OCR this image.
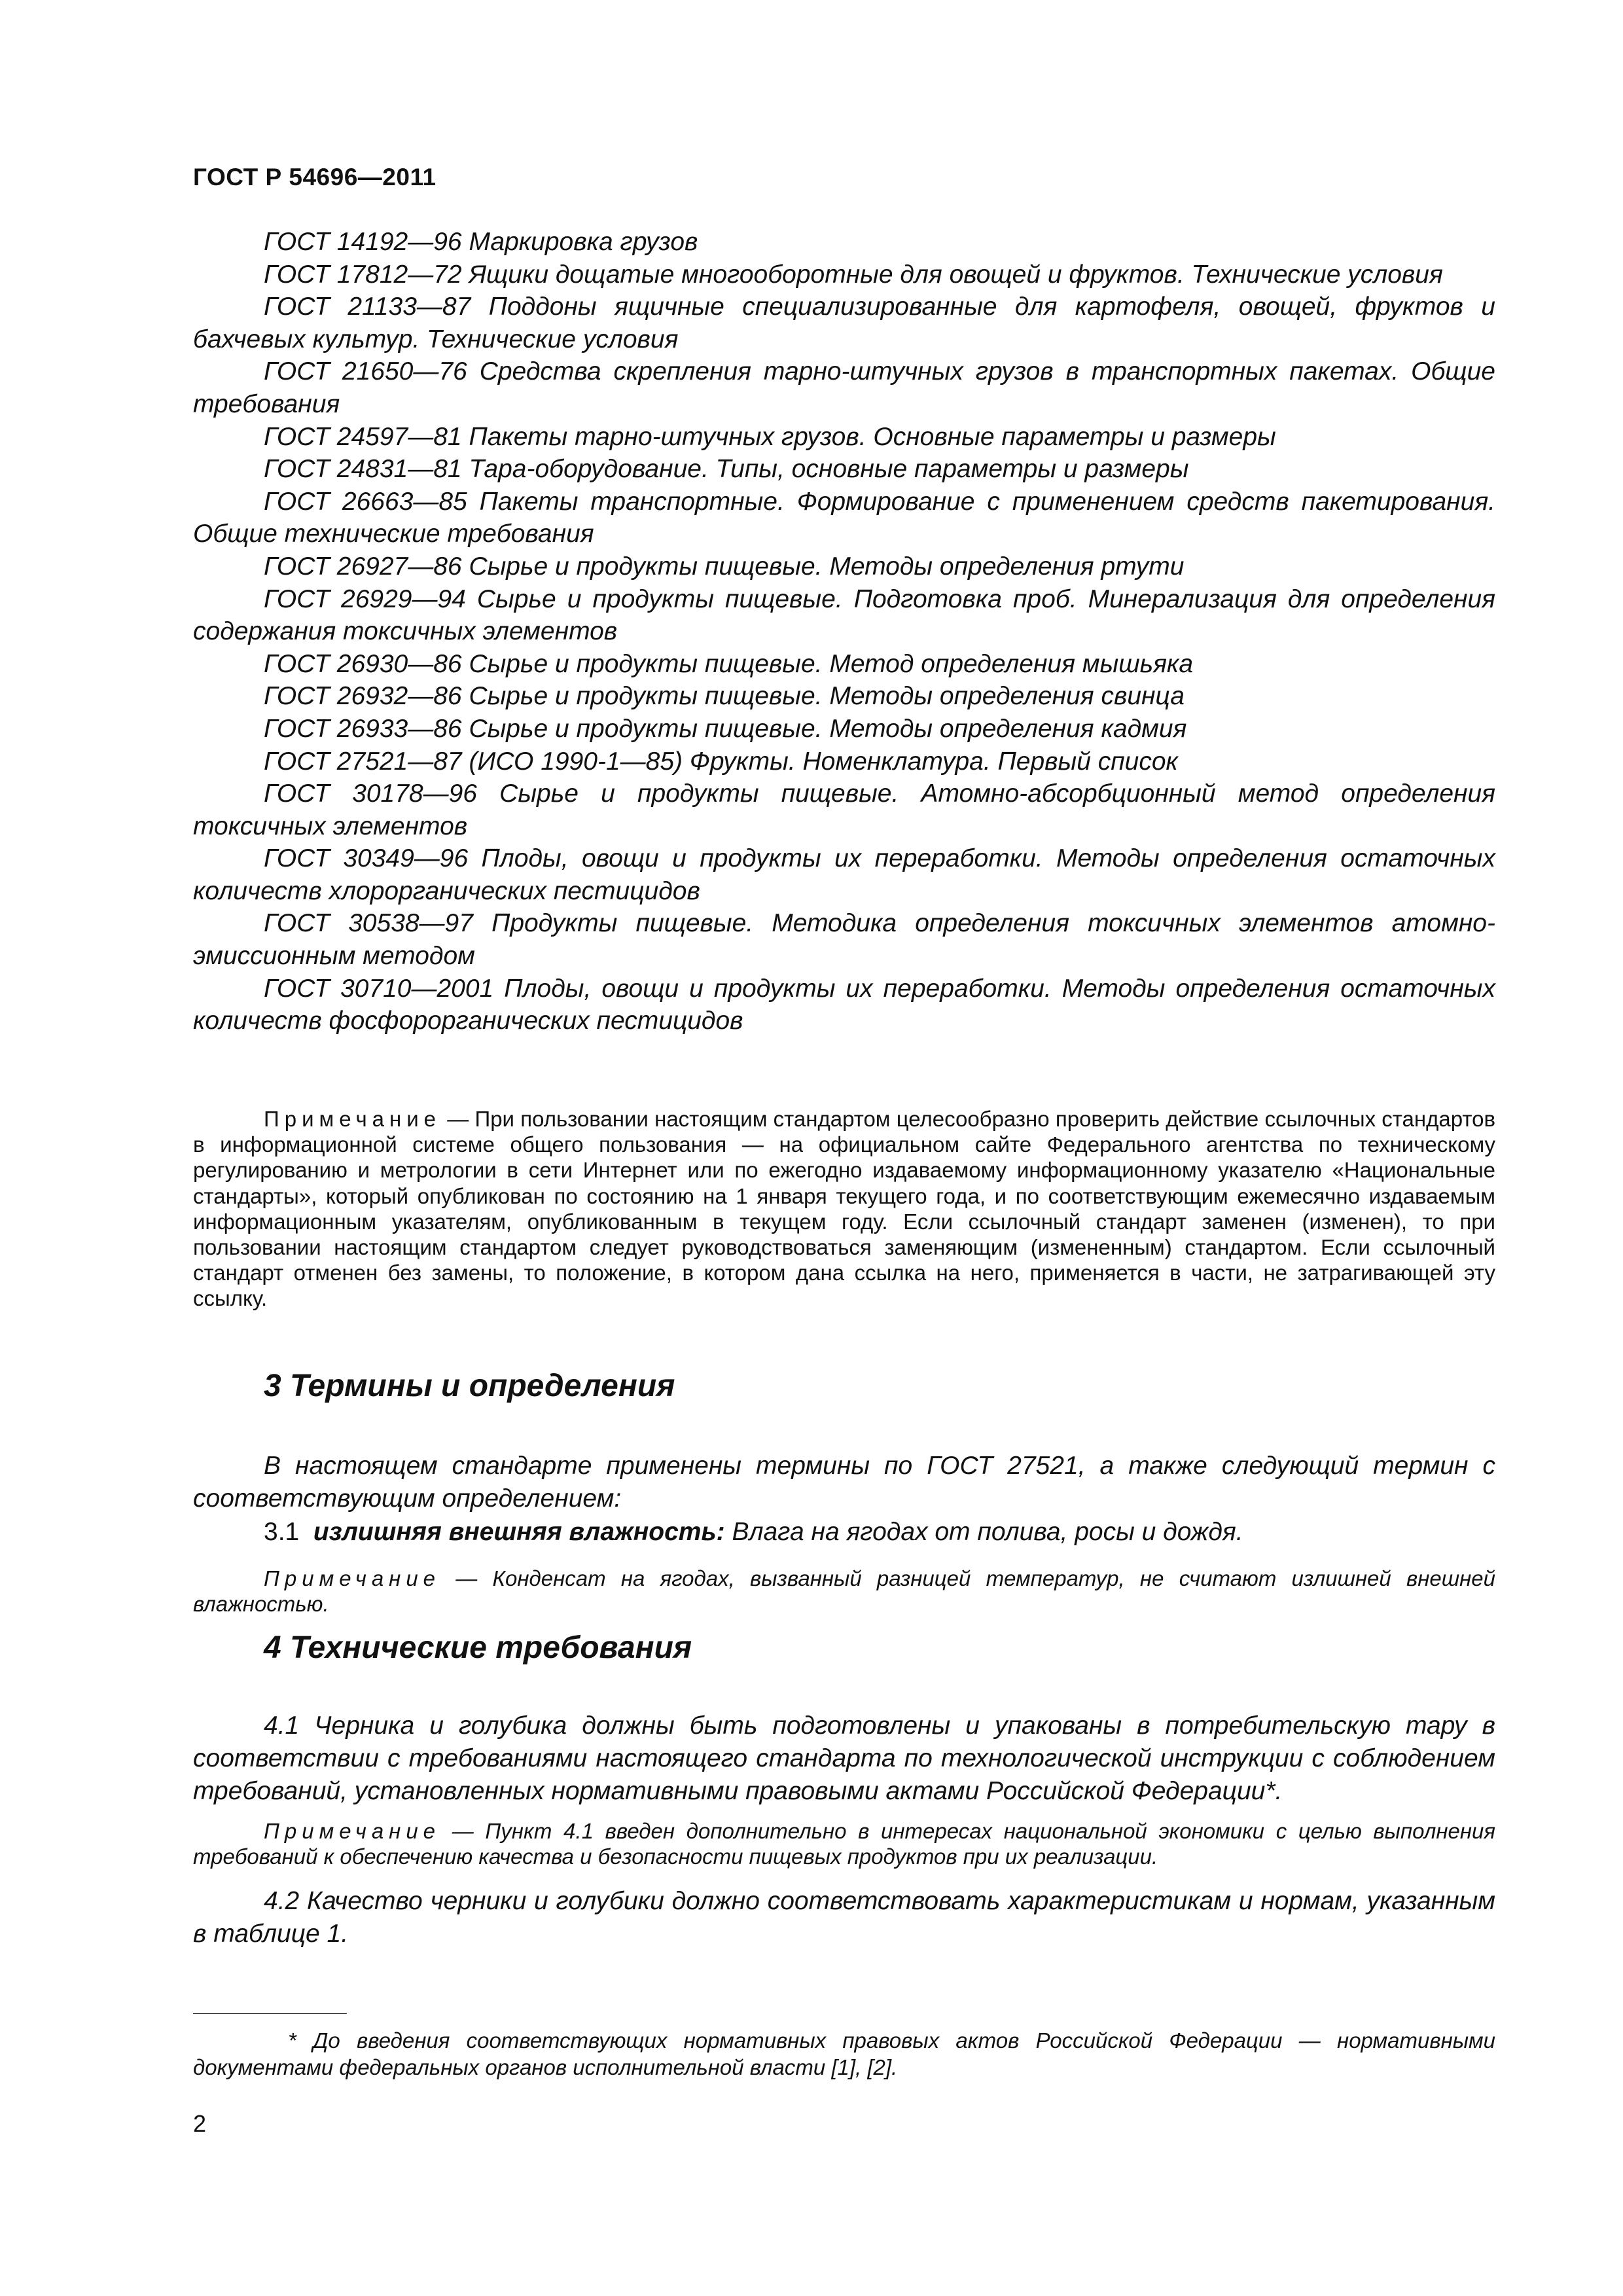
ГОСТ Р 54696—2011

ГОСТ 14192—96 Маркировка грузов

ГОСТ 17812—72 Ящики дощатые многооборотные для овощей и фруктов. Технические условия

ГОСТ 21133—87 Поддоны ящичные специализированные для картофеля, овощей, фруктов и бахчевых культур. Технические условия

ГОСТ 21650—76 Средства скрепления тарно-штучных грузов в транспортных пакетах. Общие требования

ГОСТ 24597—81 Пакеты тарно-штучных грузов. Основные параметры и размеры

ГОСТ 24831—81 Тара-оборудование. Типы, основные параметры и размеры

ГОСТ 26663—85 Пакеты транспортные. Формирование с применением средств пакетирования. Общие технические требования

ГОСТ 26927—86 Сырье и продукты пищевые. Методы определения ртути

ГОСТ 26929—94 Сырье и продукты пищевые. Подготовка проб. Минерализация для определения содержания токсичных элементов

ГОСТ 26930—86 Сырье и продукты пищевые. Метод определения мышьяка

ГОСТ 26932—86 Сырье и продукты пищевые. Методы определения свинца

ГОСТ 26933—86 Сырье и продукты пищевые. Методы определения кадмия

ГОСТ 27521—87 (ИСО 1990-1—85) Фрукты. Номенклатура. Первый список

ГОСТ 30178—96 Сырье и продукты пищевые. Атомно-абсорбционный метод определения токсичных элементов

ГОСТ 30349—96 Плоды, овощи и продукты их переработки. Методы определения остаточных количеств хлорорганических пестицидов

ГОСТ 30538—97 Продукты пищевые. Методика определения токсичных элементов атомно-эмиссионным методом

ГОСТ 30710—2001 Плоды, овощи и продукты их переработки. Методы определения остаточных количеств фосфорорганических пестицидов

Примечание — При пользовании настоящим стандартом целесообразно проверить действие ссылочных стандартов в информационной системе общего пользования — на официальном сайте Федерального агентства по техническому регулированию и метрологии в сети Интернет или по ежегодно издаваемому информационному указателю «Национальные стандарты», который опубликован по состоянию на 1 января текущего года, и по соответствующим ежемесячно издаваемым информационным указателям, опубликованным в текущем году. Если ссылочный стандарт заменен (изменен), то при пользовании настоящим стандартом следует руководствоваться заменяющим (измененным) стандартом. Если ссылочный стандарт отменен без замены, то положение, в котором дана ссылка на него, применяется в части, не затрагивающей эту ссылку.

3 Термины и определения

В настоящем стандарте применены термины по ГОСТ 27521, а также следующий термин с соответствующим определением:

3.1 излишняя внешняя влажность: Влага на ягодах от полива, росы и дождя.

Примечание — Конденсат на ягодах, вызванный разницей температур, не считают излишней внешней влажностью.

4 Технические требования

4.1 Черника и голубика должны быть подготовлены и упакованы в потребительскую тару в соответствии с требованиями настоящего стандарта по технологической инструкции с соблюдением требований, установленных нормативными правовыми актами Российской Федерации*.

Примечание — Пункт 4.1 введен дополнительно в интересах национальной экономики с целью выполнения требований к обеспечению качества и безопасности пищевых продуктов при их реализации.

4.2 Качество черники и голубики должно соответствовать характеристикам и нормам, указанным в таблице 1.

* До введения соответствующих нормативных правовых актов Российской Федерации — нормативными документами федеральных органов исполнительной власти [1], [2].

2
